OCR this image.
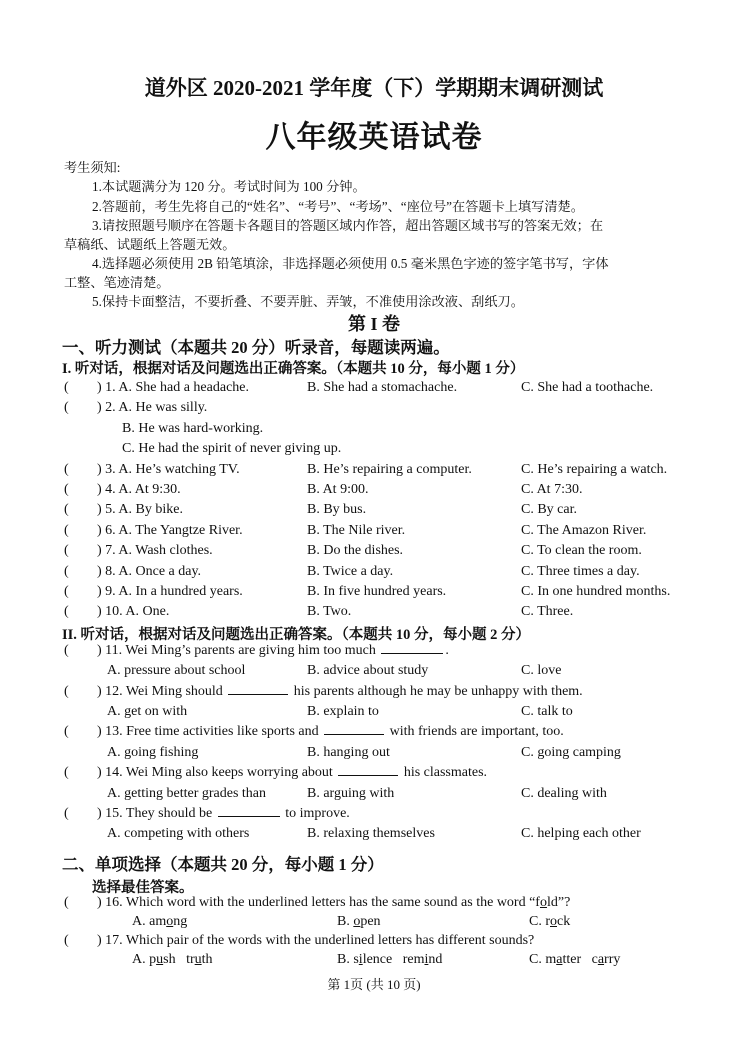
道外区 2020-2021 学年度（下）学期期末调研测试
八年级英语试卷
考生须知:
1.本试题满分为 120 分。考试时间为 100 分钟。
2.答题前，考生先将自己的“姓名”、“考号”、“考场”、“座位号”在答题卡上填写清楚。
3.请按照题号顺序在答题卡各题目的答题区域内作答，超出答题区域书写的答案无效；在
草稿纸、试题纸上答题无效。
4.选择题必须使用 2B 铅笔填涂，非选择题必须使用 0.5 毫米黑色字迹的签字笔书写，字体
工整、笔迹清楚。
5.保持卡面整洁，不要折叠、不要弄脏、弄皱，不准使用涂改液、刮纸刀。
第 I 卷
一、听力测试（本题共 20 分）听录音，每题读两遍。
I. 听对话，根据对话及问题选出正确答案。（本题共 10 分，每小题 1 分）
( ) 1. A. She had a headache.	B. She had a stomachache.	C. She had a toothache.
( ) 2. A. He was silly.
B. He was hard-working.
C. He had the spirit of never giving up.
( ) 3. A. He’s watching TV.	B. He’s repairing a computer.	C. He’s repairing a watch.
( ) 4. A. At 9:30.	B. At 9:00.	C. At 7:30.
( ) 5. A. By bike.	B. By bus.	C. By car.
( ) 6. A. The Yangtze River.	B. The Nile river.	C. The Amazon River.
( ) 7. A. Wash clothes.	B. Do the dishes.	C. To clean the room.
( ) 8. A. Once a day.	B. Twice a day.	C. Three times a day.
( ) 9. A. In a hundred years.	B. In five hundred years.	C. In one hundred months.
( ) 10. A. One.	B. Two.	C. Three.
II. 听对话，根据对话及问题选出正确答案。（本题共 10 分，每小题 2 分）
( ) 11. Wei Ming’s parents are giving him too much	.
A. pressure about school	B. advice about study	C. love
( ) 12. Wei Ming should	his parents although he may be unhappy with them.
A. get on with	B. explain to	C. talk to
( ) 13. Free time activities like sports and	with friends are important, too.
A. going fishing	B. hanging out	C. going camping
( ) 14. Wei Ming also keeps worrying about	his classmates.
A. getting better grades than	B. arguing with	C. dealing with
( ) 15. They should be	to improve.
A. competing with others	B. relaxing themselves	C. helping each other
二、单项选择（本题共 20 分，每小题 1 分）
选择最佳答案。
( ) 16. Which word with the underlined letters has the same sound as the word “fold”?
A. among	B. open	C. rock
( ) 17. Which pair of the words with the underlined letters has different sounds?
A. push truth	B. silence remind	C. matter carry
第 1页 (共 10 页)
